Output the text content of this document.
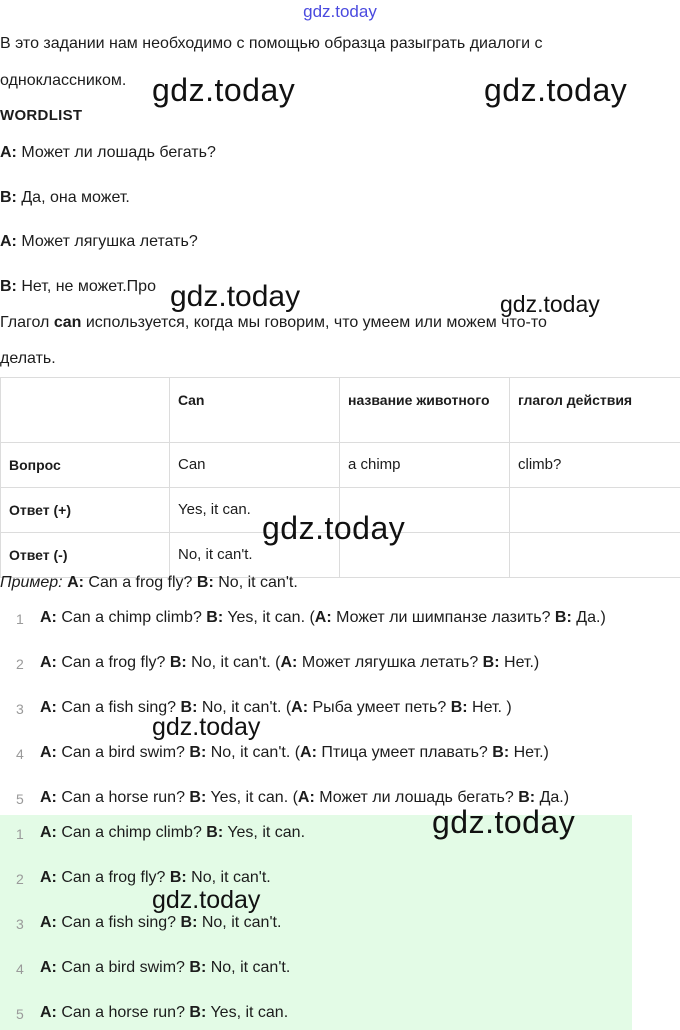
gdz.today
В это задании нам необходимо с помощью образца разыграть диалоги с
одноклассником. gdz.today	gdz.today
WORDLIST
A: Может ли лошадь бегать?
B: Да, она может.
A: Может лягушка летать?
B: Нет, не может.Про gdz.today	gdz.today
Глагол can используется, когда мы говорим, что умеем или можем что-то
делать.
	Can	название животного	глагол действия
Вопрос	Can	a chimp	climb?
Ответ (+)	Yes, it can.		
Ответ (-)	No, it can't.		
gdz.today
Пример: A: Can a frog fly? B: No, it can't.
1 A: Can a chimp climb? B: Yes, it can. (A: Может ли шимпанзе лазить? B: Да.)
2 A: Can a frog fly? B: No, it can't. (A: Может лягушка летать? B: Нет.)
3 A: Can a fish sing? B: No, it can't. (A: Рыба умеет петь? B: Нет. )
4 A: Can a bird swim? B: No, it can't. (A: Птица умеет плавать? B: Нет.)
5 A: Can a horse run? B: Yes, it can. (A: Может ли лошадь бегать? B: Да.)
gdz.today
1 A: Can a chimp climb? B: Yes, it can.
2 A: Can a frog fly? B: No, it can't.
3 A: Can a fish sing? B: No, it can't.
4 A: Can a bird swim? B: No, it can't.
5 A: Can a horse run? B: Yes, it can.
gdz.today
gdz.today
